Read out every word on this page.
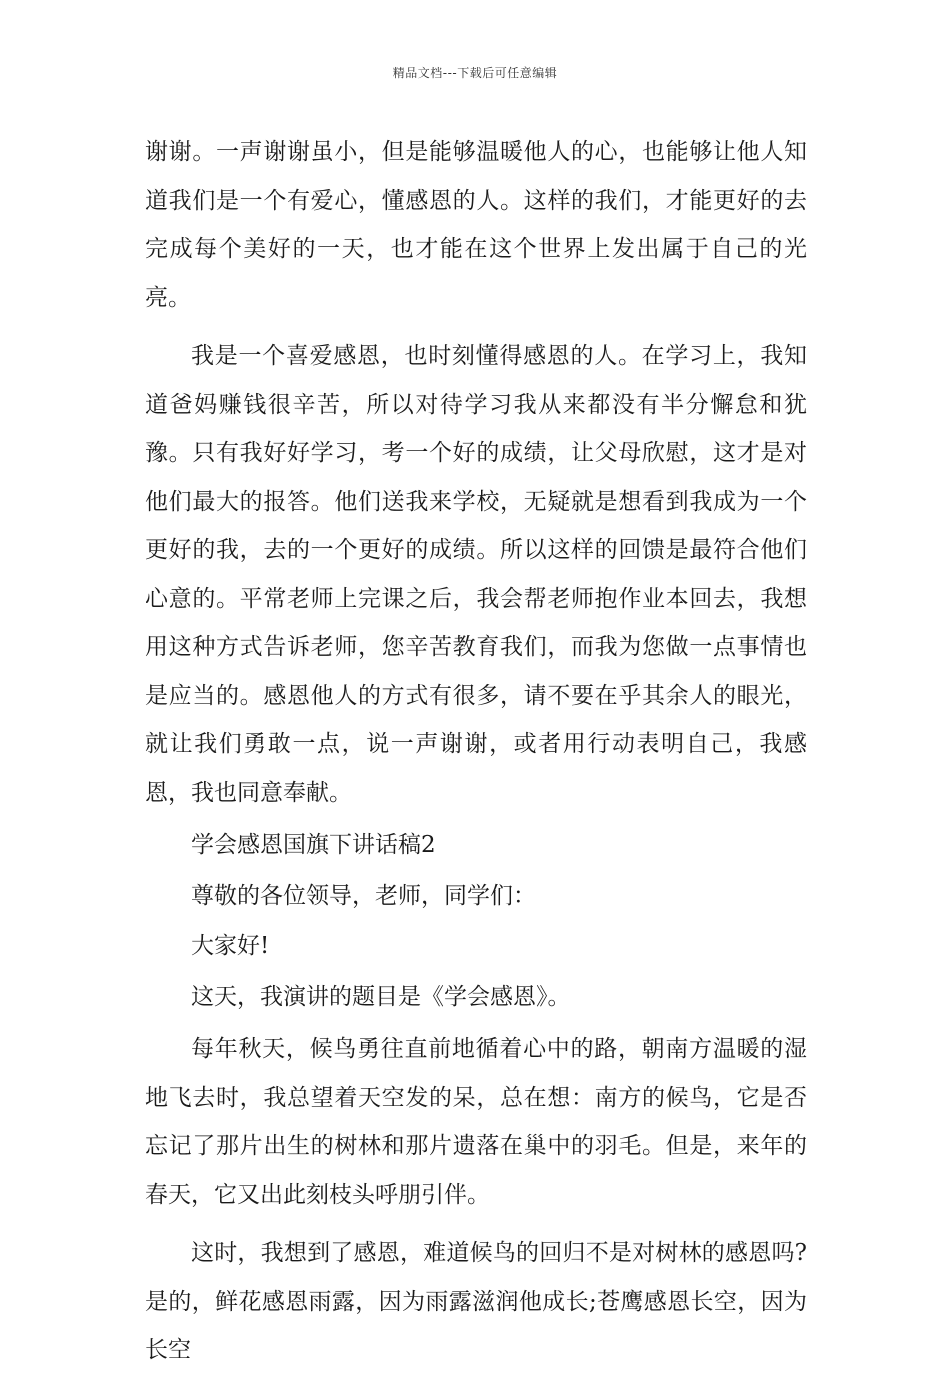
精品文档---下载后可任意编辑

谢谢。一声谢谢虽小，但是能够温暖他人的心，也能够让他人知道我们是一个有爱心，懂感恩的人。这样的我们，才能更好的去完成每个美好的一天，也才能在这个世界上发出属于自己的光亮。

我是一个喜爱感恩，也时刻懂得感恩的人。在学习上，我知道爸妈赚钱很辛苦，所以对待学习我从来都没有半分懈怠和犹豫。只有我好好学习，考一个好的成绩，让父母欣慰，这才是对他们最大的报答。他们送我来学校，无疑就是想看到我成为一个更好的我，去的一个更好的成绩。所以这样的回馈是最符合他们心意的。平常老师上完课之后，我会帮老师抱作业本回去，我想用这种方式告诉老师，您辛苦教育我们，而我为您做一点事情也是应当的。感恩他人的方式有很多，请不要在乎其余人的眼光，就让我们勇敢一点，说一声谢谢，或者用行动表明自己，我感恩，我也同意奉献。

学会感恩国旗下讲话稿2

尊敬的各位领导，老师，同学们：

大家好!

这天，我演讲的题目是《学会感恩》。

每年秋天，候鸟勇往直前地循着心中的路，朝南方温暖的湿地飞去时，我总望着天空发的呆，总在想：南方的候鸟，它是否忘记了那片出生的树林和那片遗落在巢中的羽毛。但是，来年的春天，它又出此刻枝头呼朋引伴。

这时，我想到了感恩，难道候鸟的回归不是对树林的感恩吗?是的，鲜花感恩雨露，因为雨露滋润他成长;苍鹰感恩长空，因为长空
